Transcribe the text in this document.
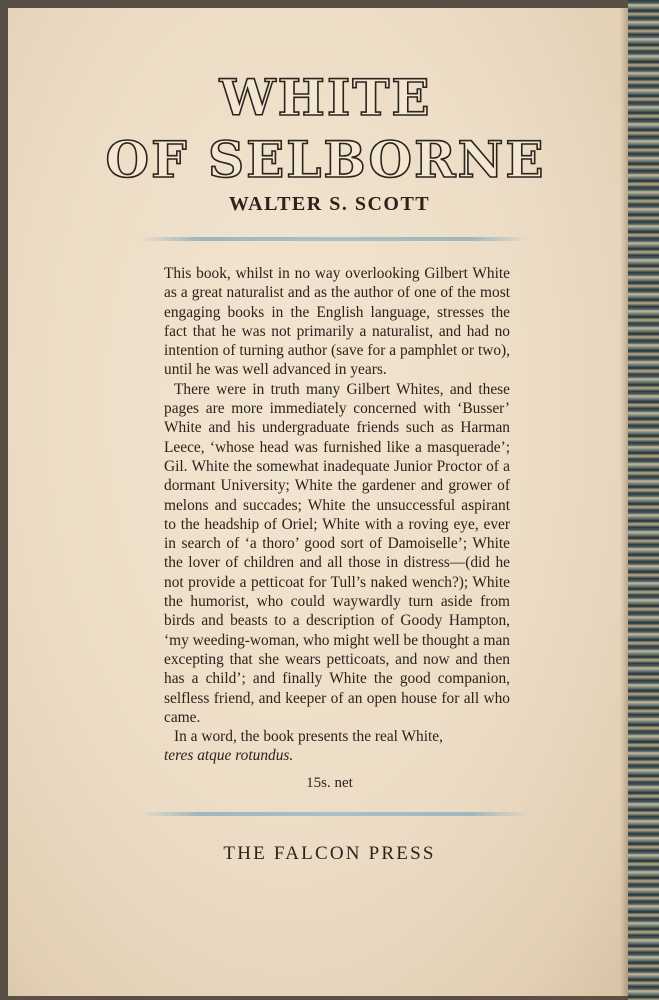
WHITE
OF SELBORNE
WALTER S. SCOTT

This book, whilst in no way overlooking Gilbert White as a great naturalist and as the author of one of the most engaging books in the English language, stresses the fact that he was not primarily a naturalist, and had no intention of turning author (save for a pamphlet or two), until he was well advanced in years.

There were in truth many Gilbert Whites, and these pages are more immediately concerned with ‘Busser’ White and his undergraduate friends such as Harman Leece, ‘whose head was furnished like a masquerade’; Gil. White the somewhat inadequate Junior Proctor of a dormant University; White the gardener and grower of melons and succades; White the unsuccessful aspirant to the headship of Oriel; White with a roving eye, ever in search of ‘a thoro’ good sort of Damoiselle’; White the lover of children and all those in distress—(did he not provide a petticoat for Tull’s naked wench?); White the humorist, who could waywardly turn aside from birds and beasts to a description of Goody Hampton, ‘my weeding-woman, who might well be thought a man excepting that she wears petticoats, and now and then has a child’; and finally White the good companion, selfless friend, and keeper of an open house for all who came.

In a word, the book presents the real White,

teres atque rotundus.

15s. net

THE FALCON PRESS
